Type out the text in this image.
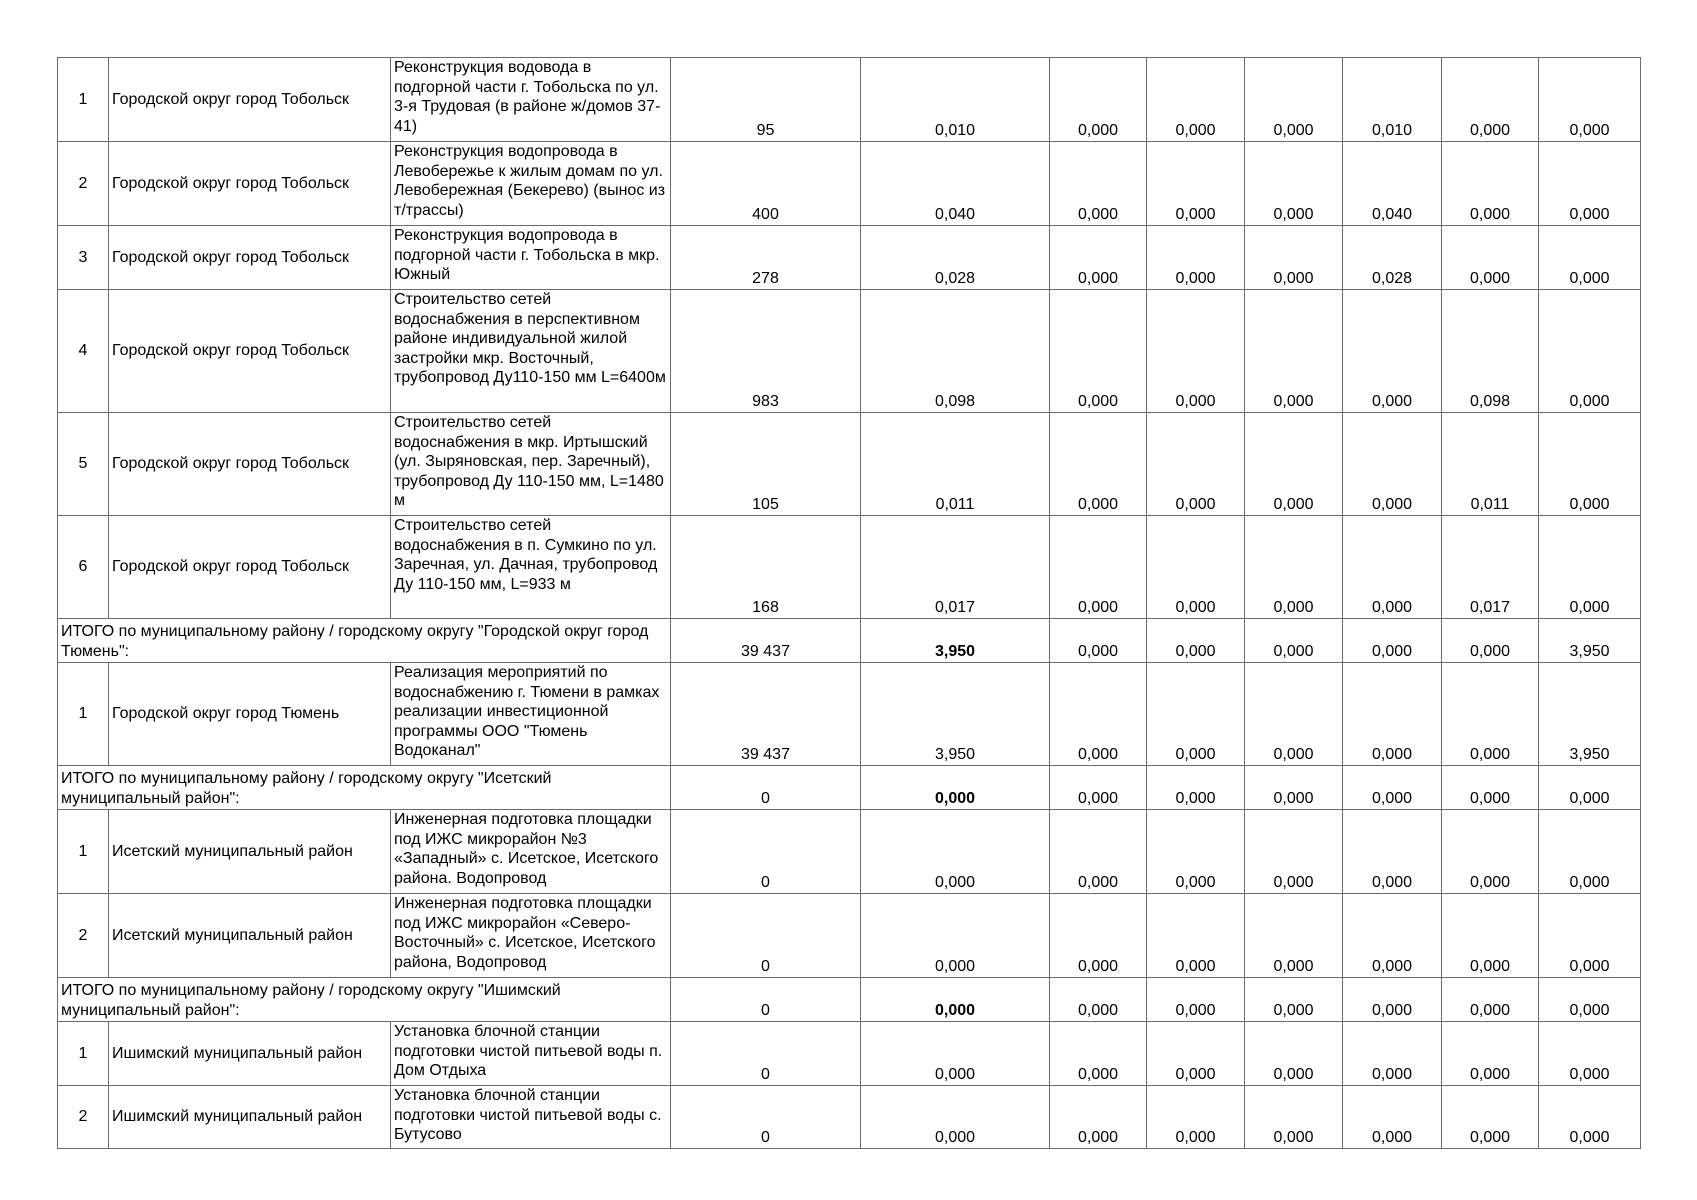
1	Городской округ город Тобольск	Реконструкция водовода в подгорной части г. Тобольска по ул. 3-я Трудовая (в районе ж/домов 37-41)	95	0,010	0,000	0,000	0,000	0,010	0,000	0,000
2	Городской округ город Тобольск	Реконструкция водопровода в Левобережье к жилым домам по ул. Левобережная (Бекерево) (вынос из т/трассы)	400	0,040	0,000	0,000	0,000	0,040	0,000	0,000
3	Городской округ город Тобольск	Реконструкция водопровода в подгорной части г. Тобольска в мкр. Южный	278	0,028	0,000	0,000	0,000	0,028	0,000	0,000
4	Городской округ город Тобольск	Строительство сетей водоснабжения в перспективном районе индивидуальной жилой застройки мкр. Восточный, трубопровод Ду110-150 мм L=6400м	983	0,098	0,000	0,000	0,000	0,000	0,098	0,000
5	Городской округ город Тобольск	Строительство сетей водоснабжения в мкр. Иртышский (ул. Зыряновская, пер. Заречный), трубопровод Ду 110-150 мм, L=1480 м	105	0,011	0,000	0,000	0,000	0,000	0,011	0,000
6	Городской округ город Тобольск	Строительство сетей водоснабжения в п. Сумкино по ул. Заречная, ул. Дачная, трубопровод Ду 110-150 мм, L=933 м	168	0,017	0,000	0,000	0,000	0,000	0,017	0,000
ИТОГО по муниципальному району / городскому округу "Городской округ город Тюмень":			39 437	3,950	0,000	0,000	0,000	0,000	0,000	3,950
1	Городской округ город Тюмень	Реализация мероприятий по водоснабжению г. Тюмени в рамках реализации инвестиционной программы ООО "Тюмень Водоканал"	39 437	3,950	0,000	0,000	0,000	0,000	0,000	3,950
ИТОГО по муниципальному району / городскому округу "Исетский муниципальный район":			0	0,000	0,000	0,000	0,000	0,000	0,000	0,000
1	Исетский муниципальный район	Инженерная подготовка площадки под ИЖС микрорайон №3 «Западный» с. Исетское, Исетского района. Водопровод	0	0,000	0,000	0,000	0,000	0,000	0,000	0,000
2	Исетский муниципальный район	Инженерная подготовка площадки под ИЖС микрорайон «Северо-Восточный» с. Исетское, Исетского района, Водопровод	0	0,000	0,000	0,000	0,000	0,000	0,000	0,000
ИТОГО по муниципальному району / городскому округу "Ишимский муниципальный район":			0	0,000	0,000	0,000	0,000	0,000	0,000	0,000
1	Ишимский муниципальный район	Установка блочной станции подготовки чистой питьевой воды п. Дом Отдыха	0	0,000	0,000	0,000	0,000	0,000	0,000	0,000
2	Ишимский муниципальный район	Установка блочной станции подготовки чистой питьевой воды с. Бутусово	0	0,000	0,000	0,000	0,000	0,000	0,000	0,000
